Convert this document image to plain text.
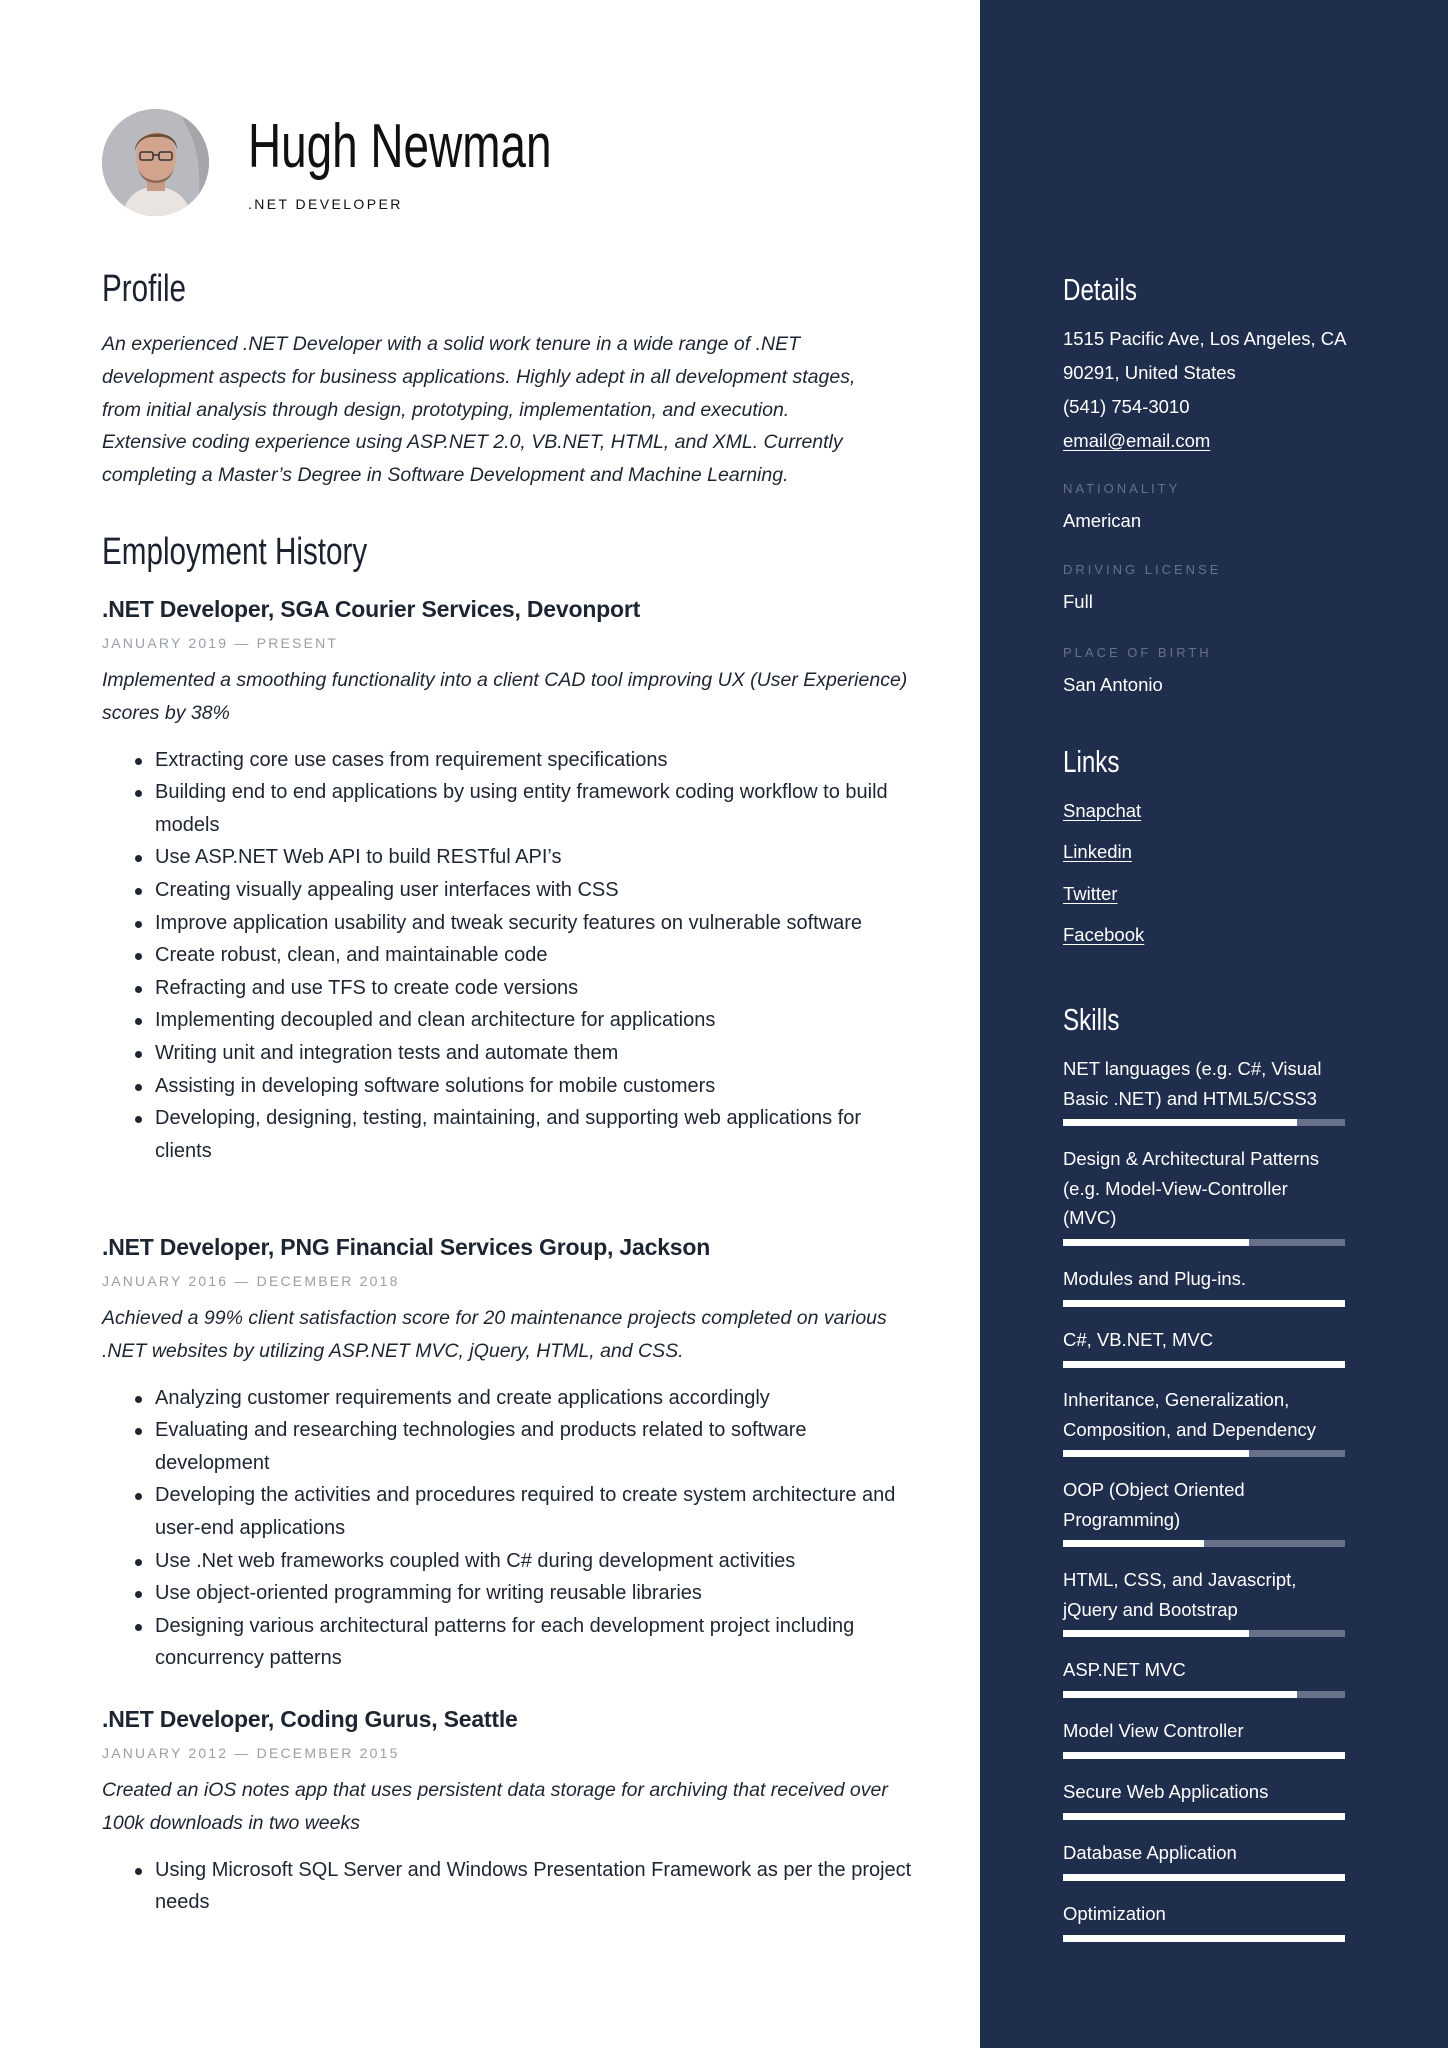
Hugh Newman
.NET DEVELOPER
Profile
An experienced .NET Developer with a solid work tenure in a wide range of .NET
development aspects for business applications. Highly adept in all development stages,
from initial analysis through design, prototyping, implementation, and execution.
Extensive coding experience using ASP.NET 2.0, VB.NET, HTML, and XML. Currently
completing a Master’s Degree in Software Development and Machine Learning.
Employment History
.NET Developer, SGA Courier Services, Devonport
JANUARY 2019 — PRESENT
Implemented a smoothing functionality into a client CAD tool improving UX (User Experience) scores by 38%
Extracting core use cases from requirement specifications
Building end to end applications by using entity framework coding workflow to build models
Use ASP.NET Web API to build RESTful API’s
Creating visually appealing user interfaces with CSS
Improve application usability and tweak security features on vulnerable software
Create robust, clean, and maintainable code
Refracting and use TFS to create code versions
Implementing decoupled and clean architecture for applications
Writing unit and integration tests and automate them
Assisting in developing software solutions for mobile customers
Developing, designing, testing, maintaining, and supporting web applications for clients
.NET Developer, PNG Financial Services Group, Jackson
JANUARY 2016 — DECEMBER 2018
Achieved a 99% client satisfaction score for 20 maintenance projects completed on various .NET websites by utilizing ASP.NET MVC, jQuery, HTML, and CSS.
Analyzing customer requirements and create applications accordingly
Evaluating and researching technologies and products related to software development
Developing the activities and procedures required to create system architecture and user-end applications
Use .Net web frameworks coupled with C# during development activities
Use object-oriented programming for writing reusable libraries
Designing various architectural patterns for each development project including concurrency patterns
.NET Developer, Coding Gurus, Seattle
JANUARY 2012 — DECEMBER 2015
Created an iOS notes app that uses persistent data storage for archiving that received over 100k downloads in two weeks
Using Microsoft SQL Server and Windows Presentation Framework as per the project needs
Details
1515 Pacific Ave, Los Angeles, CA
90291, United States
(541) 754-3010
email@email.com
NATIONALITY
American
DRIVING LICENSE
Full
PLACE OF BIRTH
San Antonio
Links
Snapchat
Linkedin
Twitter
Facebook
Skills
NET languages (e.g. C#, Visual Basic .NET) and HTML5/CSS3
Design & Architectural Patterns (e.g. Model-View-Controller (MVC)
Modules and Plug-ins.
C#, VB.NET, MVC
Inheritance, Generalization, Composition, and Dependency
OOP (Object Oriented Programming)
HTML, CSS, and Javascript, jQuery and Bootstrap
ASP.NET MVC
Model View Controller
Secure Web Applications
Database Application
Optimization
